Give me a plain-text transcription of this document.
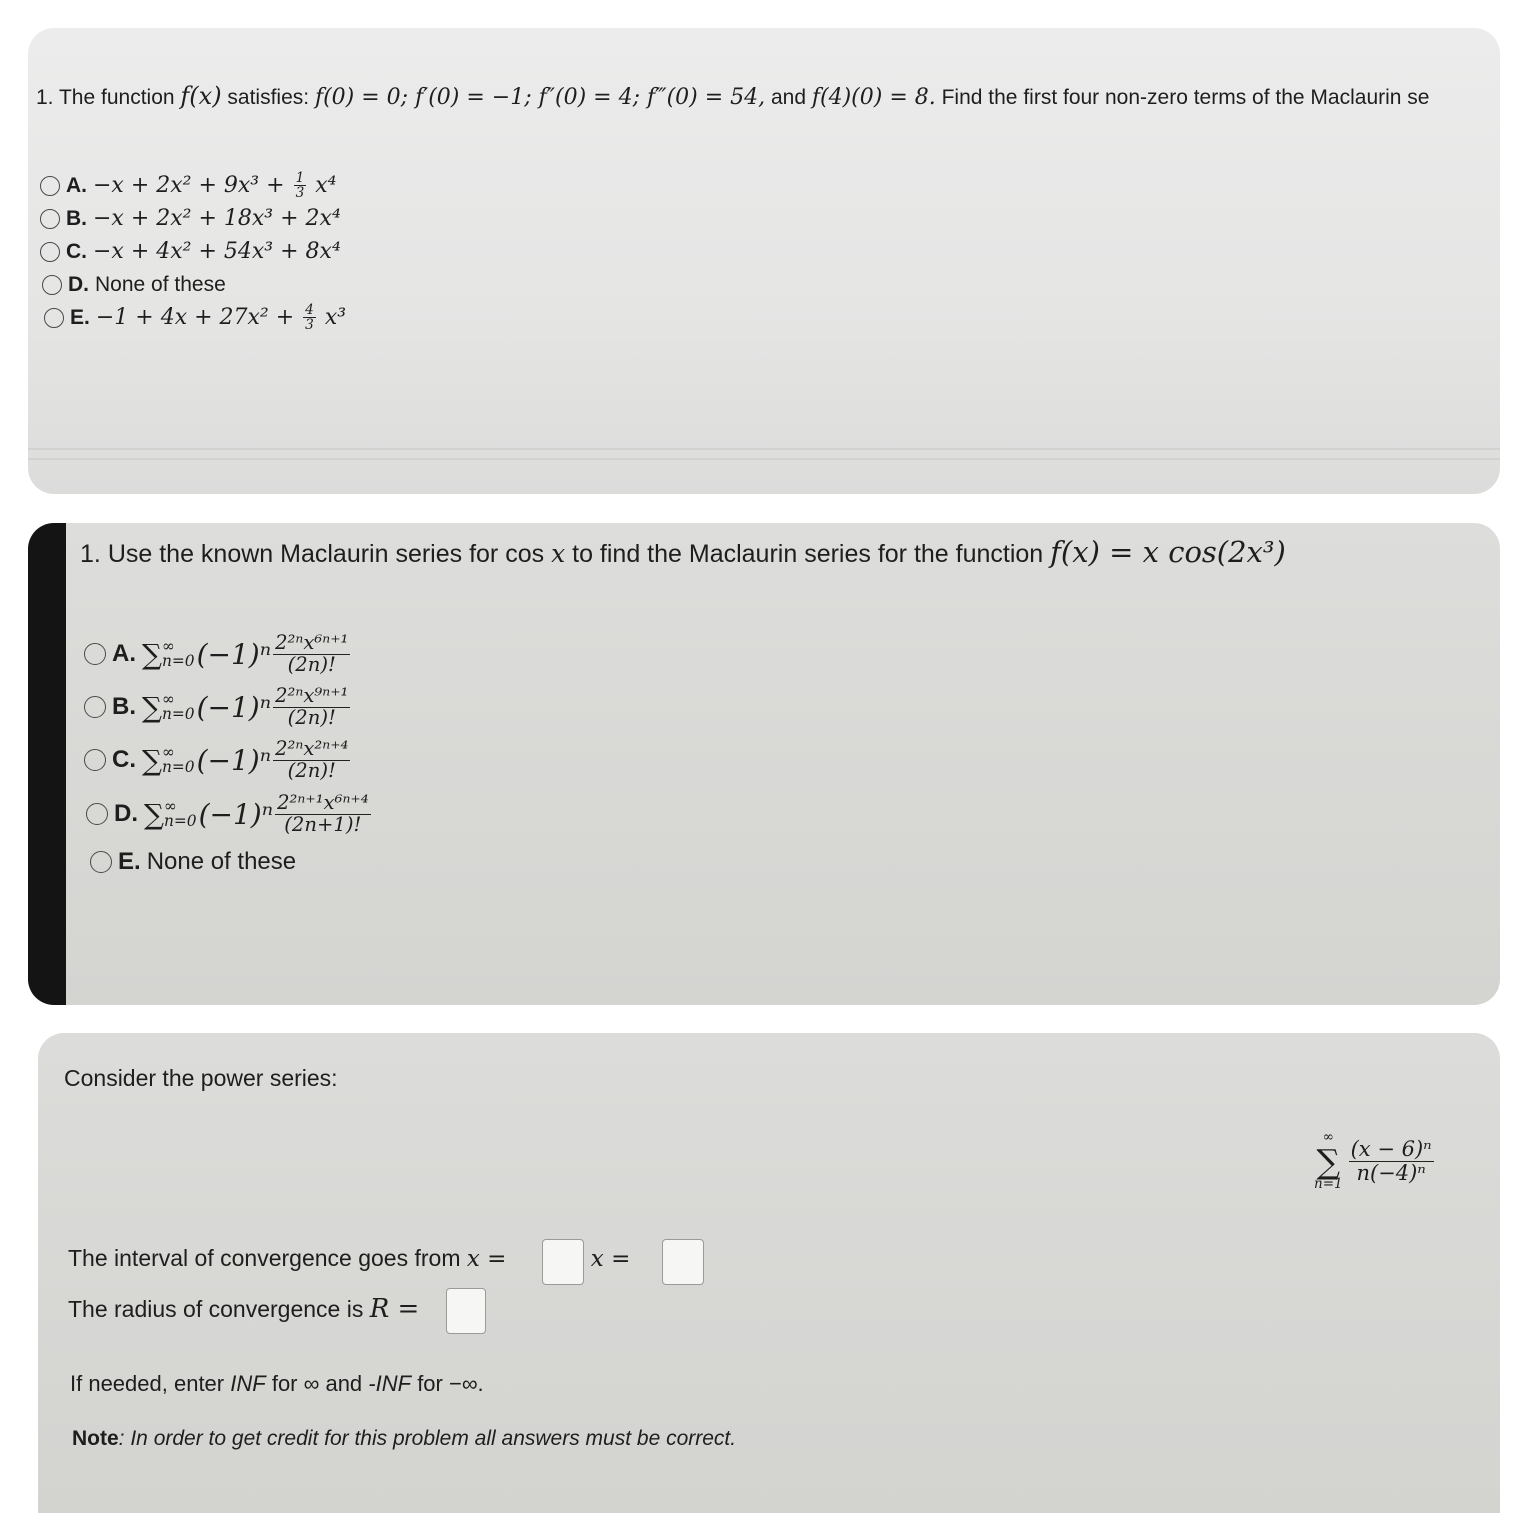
1. The function f(x) satisfies: f(0) = 0; f′(0) = −1; f″(0) = 4; f‴(0) = 54, and f(4)(0) = 8. Find the first four non-zero terms of the Maclaurin se
A. $-x + 2x^2 + 9x^3 + \frac{1}{3} x^4$
B. −x + 2x² + 18x³ + 2x⁴
C. −x + 4x² + 54x³ + 8x⁴
D. None of these
E. $-1 + 4x + 27x^2 + \frac{4}{3} x^3$
1. Use the known Maclaurin series for cos x to find the Maclaurin series for the function f(x) = x cos(2x³)
A. ∑ ∞
n=0 $(-1)^n \frac{\text{2²ⁿx⁶ⁿ⁺¹}}{(2n)!}$
B. ∑ ∞
n=0 $(-1)^n \frac{\text{2²ⁿx⁹ⁿ⁺¹}}{(2n)!}$
C. ∑ ∞
n=0 $(-1)^n \frac{\text{2²ⁿx²ⁿ⁺⁴}}{(2n)!}$
D. ∑ ∞
n=0 $(-1)^n \frac{\text{2²ⁿ⁺¹x⁶ⁿ⁺⁴}}{(2n+1)!}$
E. None of these
Consider the power series:
∞
∑
$n=1 \frac{\text{(x − 6)ⁿ}}{\text{n(−4)ⁿ}}$
The interval of convergence goes from x =	x =
The radius of convergence is R =
If needed, enter INF for ∞ and -INF for −∞.
Note: In order to get credit for this problem all answers must be correct.
